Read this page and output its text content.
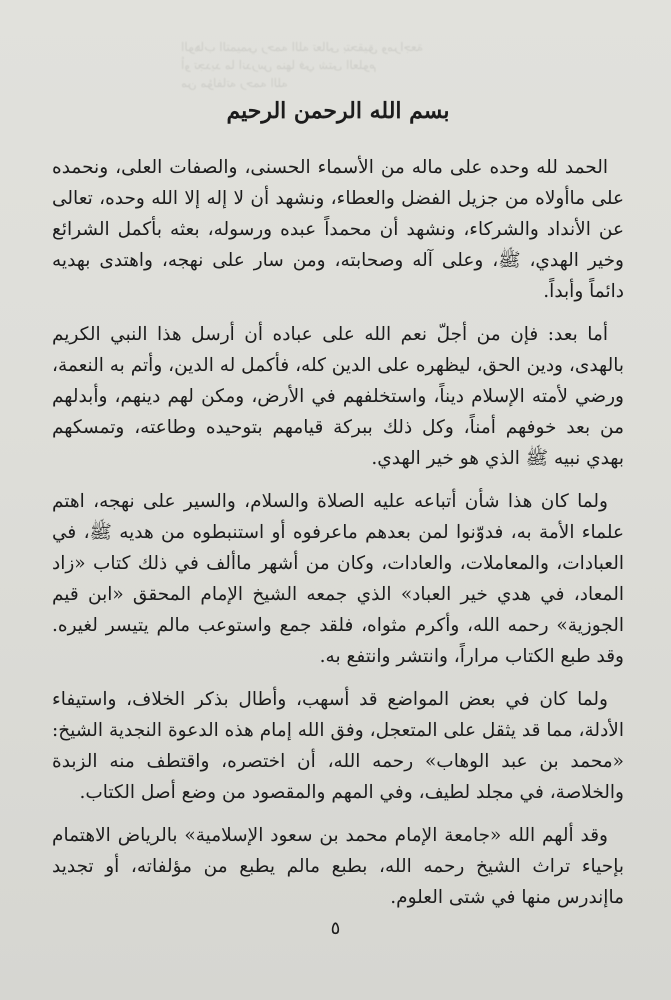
الوهاب التميمي رحمه الله تعالى بتحقيق ومراجعة
أو تجديد ما اندرس منها في شتى العلوم
من مؤلفاته رحمه الله
بسم الله الرحمن الرحيم

الحمد لله وحده على ماله من الأسماء الحسنى، والصفات العلى، ونحمده على ماأولاه من جزيل الفضل والعطاء، ونشهد أن لا إله إلا الله وحده، تعالى عن الأنداد والشركاء، ونشهد أن محمداً عبده ورسوله، بعثه بأكمل الشرائع وخير الهدي، ﷺ، وعلى آله وصحابته، ومن سار على نهجه، واهتدى بهديه دائماً وأبداً.

أما بعد: فإن من أجلّ نعم الله على عباده أن أرسل هذا النبي الكريم بالهدى، ودين الحق، ليظهره على الدين كله، فأكمل له الدين، وأتم به النعمة، ورضي لأمته الإسلام ديناً، واستخلفهم في الأرض، ومكن لهم دينهم، وأبدلهم من بعد خوفهم أمناً، وكل ذلك ببركة قيامهم بتوحيده وطاعته، وتمسكهم بهدي نبيه ﷺ الذي هو خير الهدي.

ولما كان هذا شأن أتباعه عليه الصلاة والسلام، والسير على نهجه، اهتم علماء الأمة به، فدوّنوا لمن بعدهم ماعرفوه أو استنبطوه من هديه ﷺ، في العبادات، والمعاملات، والعادات، وكان من أشهر ماألف في ذلك كتاب «زاد المعاد، في هدي خير العباد» الذي جمعه الشيخ الإمام المحقق «ابن قيم الجوزية» رحمه الله، وأكرم مثواه، فلقد جمع واستوعب مالم يتيسر لغيره. وقد طبع الكتاب مراراً، وانتشر وانتفع به.

ولما كان في بعض المواضع قد أسهب، وأطال بذكر الخلاف، واستيفاء الأدلة، مما قد يثقل على المتعجل، وفق الله إمام هذه الدعوة النجدية الشيخ: «محمد بن عبد الوهاب» رحمه الله، أن اختصره، واقتطف منه الزبدة والخلاصة، في مجلد لطيف، وفي المهم والمقصود من وضع أصل الكتاب.

وقد ألهم الله «جامعة الإمام محمد بن سعود الإسلامية» بالرياض الاهتمام بإحياء تراث الشيخ رحمه الله، بطبع مالم يطبع من مؤلفاته، أو تجديد ماإندرس منها في شتى العلوم.

٥
